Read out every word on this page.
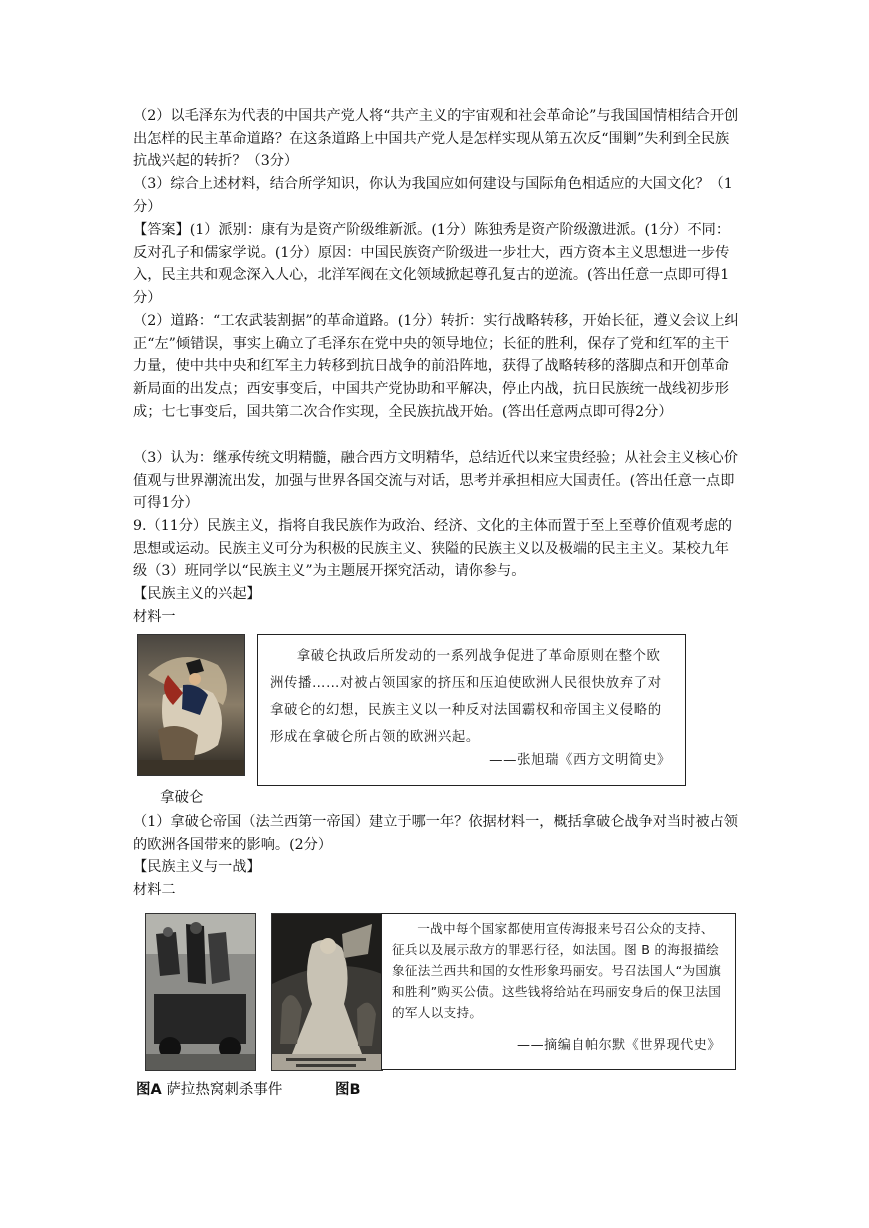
（2）以毛泽东为代表的中国共产党人将“共产主义的宇宙观和社会革命论”与我国国情相结合开创出怎样的民主革命道路？在这条道路上中国共产党人是怎样实现从第五次反“围剿”失利到全民族抗战兴起的转折？（3分）

（3）综合上述材料，结合所学知识，你认为我国应如何建设与国际角色相适应的大国文化？（1分）

【答案】(1）派别：康有为是资产阶级维新派。(1分）陈独秀是资产阶级激进派。(1分）不同：反对孔子和儒家学说。(1分）原因：中国民族资产阶级进一步壮大，西方资本主义思想进一步传入，民主共和观念深入人心，北洋军阀在文化领域掀起尊孔复古的逆流。(答出任意一点即可得1分）

（2）道路：“工农武装割据”的革命道路。(1分）转折：实行战略转移，开始长征，遵义会议上纠正“左”倾错误，事实上确立了毛泽东在党中央的领导地位；长征的胜利，保存了党和红军的主干力量，使中共中央和红军主力转移到抗日战争的前沿阵地，获得了战略转移的落脚点和开创革命新局面的出发点；西安事变后，中国共产党协助和平解决，停止内战，抗日民族统一战线初步形成；七七事变后，国共第二次合作实现，全民族抗战开始。(答出任意两点即可得2分）

（3）认为：继承传统文明精髓，融合西方文明精华，总结近代以来宝贵经验；从社会主义核心价值观与世界潮流出发，加强与世界各国交流与对话，思考并承担相应大国责任。(答出任意一点即可得1分）

9.（11分）民族主义，指将自我民族作为政治、经济、文化的主体而置于至上至尊价值观考虑的思想或运动。民族主义可分为积极的民族主义、狭隘的民族主义以及极端的民主主义。某校九年级（3）班同学以“民族主义”为主题展开探究活动，请你参与。

【民族主义的兴起】

材料一

拿破仑
拿破仑执政后所发动的一系列战争促进了革命原则在整个欧洲传播……对被占领国家的挤压和压迫使欧洲人民很快放弃了对拿破仑的幻想，民族主义以一种反对法国霸权和帝国主义侵略的形成在拿破仑所占领的欧洲兴起。
——张旭瑞《西方文明简史》

（1）拿破仑帝国（法兰西第一帝国）建立于哪一年？依据材料一，概括拿破仑战争对当时被占领的欧洲各国带来的影响。(2分）

【民族主义与一战】

材料二

一战中每个国家都使用宣传海报来号召公众的支持、征兵以及展示敌方的罪恶行径，如法国。图 B 的海报描绘象征法兰西共和国的女性形象玛丽安。号召法国人“为国旗和胜利”购买公债。这些钱将给站在玛丽安身后的保卫法国的军人以支持。
——摘编自帕尔默《世界现代史》
图A 萨拉热窝刺杀事件	图B
